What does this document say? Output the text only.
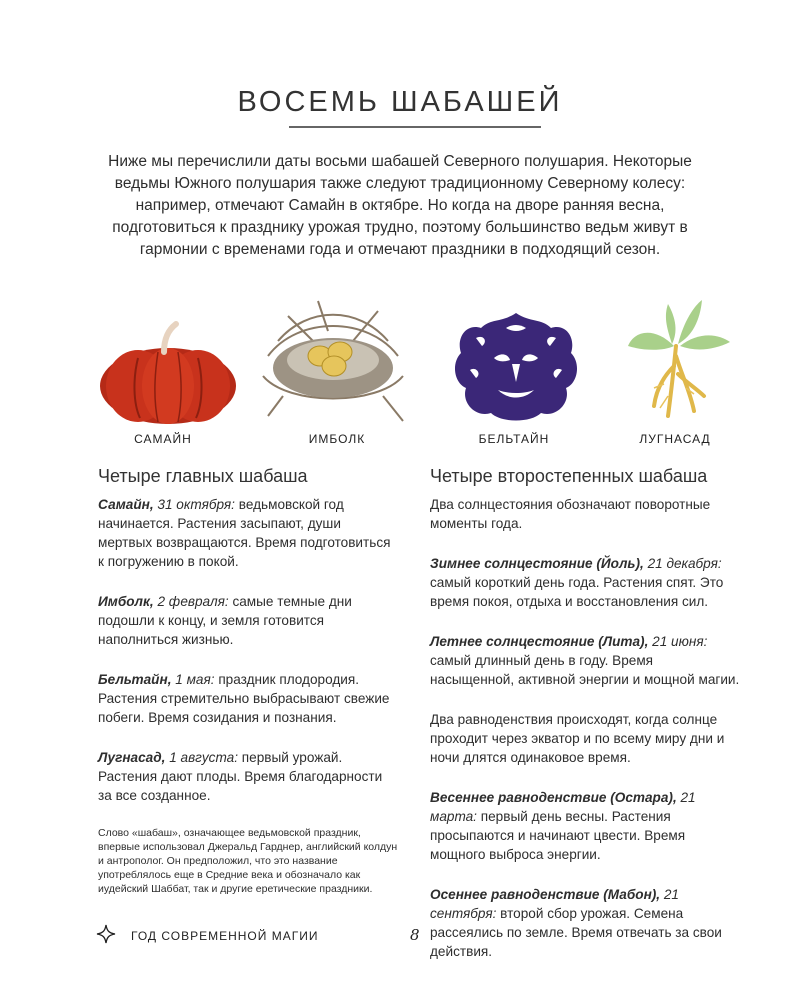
ВОСЕМЬ ШАБАШЕЙ
Ниже мы перечислили даты восьми шабашей Северного полушария. Некоторые ведьмы Южного полушария также следуют традиционному Северному колесу: например, отмечают Самайн в октябре. Но когда на дворе ранняя весна, подготовиться к празднику урожая трудно, поэтому большинство ведьм живут в гармонии с временами года и отмечают праздники в подходящий сезон.
САМАЙН	ИМБОЛК	БЕЛЬТАЙН	ЛУГНАСАД
Четыре главных шабаша

Самайн, 31 октября: ведьмовской год начинается. Растения засыпают, души мертвых возвращаются. Время подготовиться к погружению в покой.

Имболк, 2 февраля: самые темные дни подошли к концу, и земля готовится наполниться жизнью.

Бельтайн, 1 мая: праздник плодородия. Растения стремительно выбрасывают свежие побеги. Время созидания и познания.

Лугнасад, 1 августа: первый урожай. Растения дают плоды. Время благодарности за все созданное.

Слово «шабаш», означающее ведьмовской праздник, впервые использовал Джеральд Гарднер, английский колдун и антрополог. Он предположил, что это название употреблялось еще в Средние века и обозначало как иудейский Шаббат, так и другие еретические праздники.

Четыре второстепенных шабаша

Два солнцестояния обозначают поворотные моменты года.

Зимнее солнцестояние (Йоль), 21 декабря: самый короткий день года. Растения спят. Это время покоя, отдыха и восстановления сил.

Летнее солнцестояние (Лита), 21 июня: самый длинный день в году. Время насыщенной, активной энергии и мощной магии.

Два равноденствия происходят, когда солнце проходит через экватор и по всему миру дни и ночи длятся одинаковое время.

Весеннее равноденствие (Остара), 21 марта: первый день весны. Растения просыпаются и начинают цвести. Время мощного выброса энергии.

Осеннее равноденствие (Мабон), 21 сентября: второй сбор урожая. Семена рассеялись по земле. Время отвечать за свои действия.

ГОД СОВРЕМЕННОЙ МАГИИ	8
